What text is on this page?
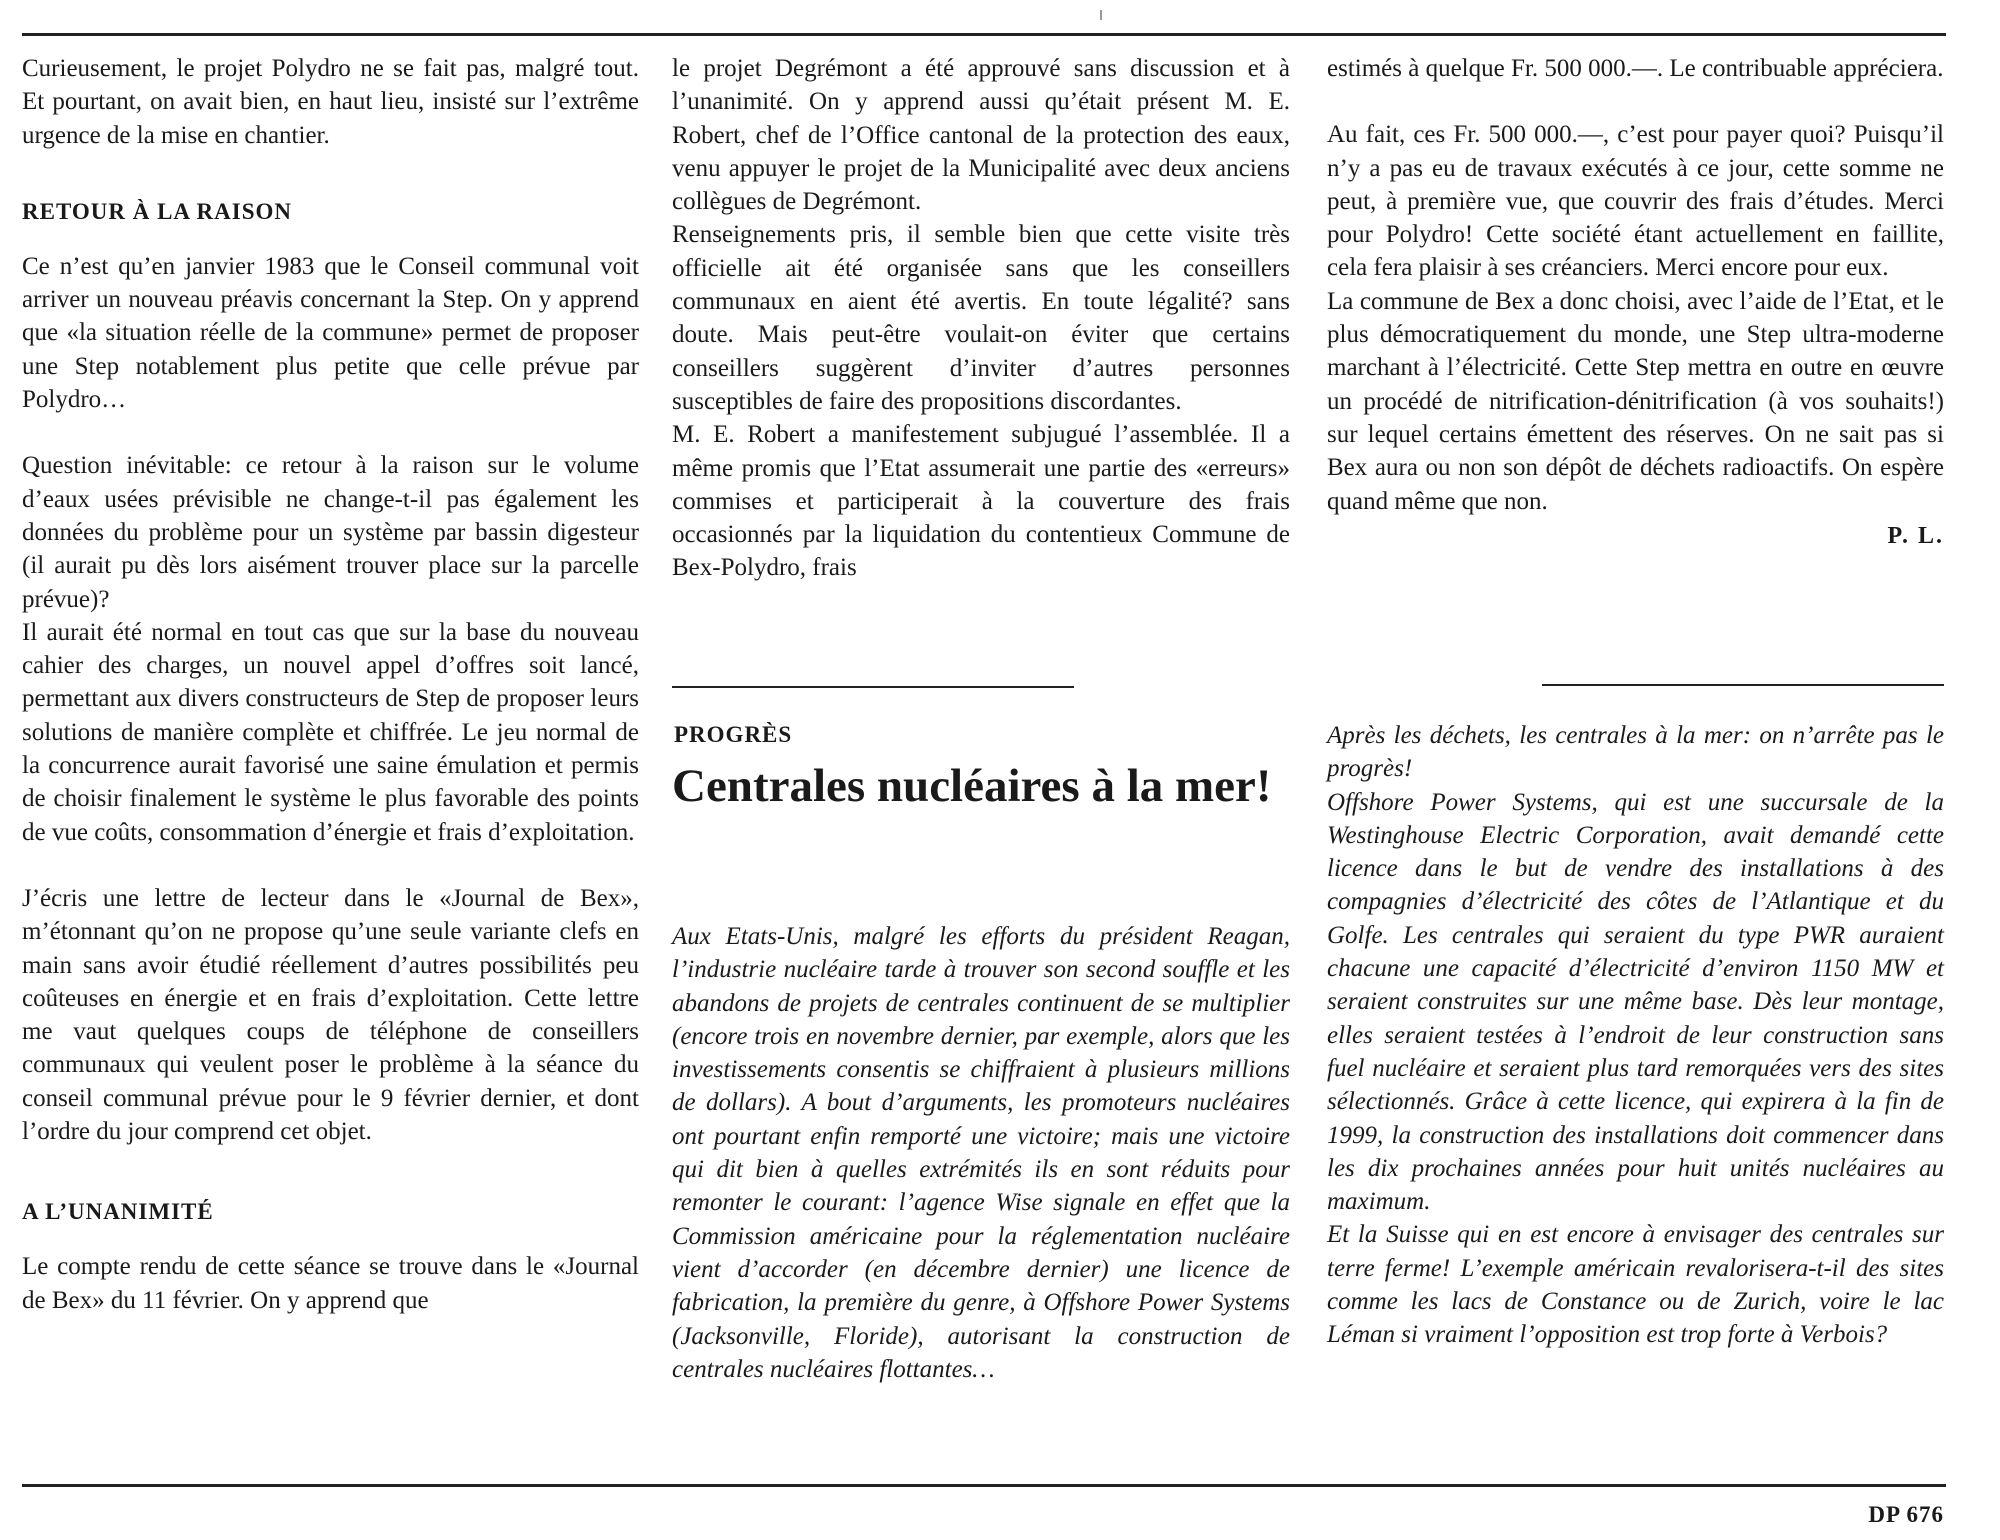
Curieusement, le projet Polydro ne se fait pas, malgré tout. Et pourtant, on avait bien, en haut lieu, insisté sur l’extrême urgence de la mise en chantier.

RETOUR À LA RAISON

Ce n’est qu’en janvier 1983 que le Conseil communal voit arriver un nouveau préavis concernant la Step. On y apprend que «la situation réelle de la commune» permet de proposer une Step notablement plus petite que celle prévue par Polydro…

Question inévitable: ce retour à la raison sur le volume d’eaux usées prévisible ne change-t-il pas également les données du problème pour un système par bassin digesteur (il aurait pu dès lors aisément trouver place sur la parcelle prévue)?

Il aurait été normal en tout cas que sur la base du nouveau cahier des charges, un nouvel appel d’offres soit lancé, permettant aux divers constructeurs de Step de proposer leurs solutions de manière complète et chiffrée. Le jeu normal de la concurrence aurait favorisé une saine émulation et permis de choisir finalement le système le plus favorable des points de vue coûts, consommation d’énergie et frais d’exploitation.

J’écris une lettre de lecteur dans le «Journal de Bex», m’étonnant qu’on ne propose qu’une seule variante clefs en main sans avoir étudié réellement d’autres possibilités peu coûteuses en énergie et en frais d’exploitation. Cette lettre me vaut quelques coups de téléphone de conseillers communaux qui veulent poser le problème à la séance du conseil communal prévue pour le 9 février dernier, et dont l’ordre du jour comprend cet objet.

A L’UNANIMITÉ

Le compte rendu de cette séance se trouve dans le «Journal de Bex» du 11 février. On y apprend que

le projet Degrémont a été approuvé sans discussion et à l’unanimité. On y apprend aussi qu’était présent M. E. Robert, chef de l’Office cantonal de la protection des eaux, venu appuyer le projet de la Municipalité avec deux anciens collègues de Degrémont.

Renseignements pris, il semble bien que cette visite très officielle ait été organisée sans que les conseillers communaux en aient été avertis. En toute légalité? sans doute. Mais peut-être voulait-on éviter que certains conseillers suggèrent d’inviter d’autres personnes susceptibles de faire des propositions discordantes.

M. E. Robert a manifestement subjugué l’assemblée. Il a même promis que l’Etat assumerait une partie des «erreurs» commises et participerait à la couverture des frais occasionnés par la liquidation du contentieux Commune de Bex-Polydro, frais

PROGRÈS
Centrales nucléaires à la mer!

Aux Etats-Unis, malgré les efforts du président Reagan, l’industrie nucléaire tarde à trouver son second souffle et les abandons de projets de centrales continuent de se multiplier (encore trois en novembre dernier, par exemple, alors que les investissements consentis se chiffraient à plusieurs millions de dollars). A bout d’arguments, les promoteurs nucléaires ont pourtant enfin remporté une victoire; mais une victoire qui dit bien à quelles extrémités ils en sont réduits pour remonter le courant: l’agence Wise signale en effet que la Commission américaine pour la réglementation nucléaire vient d’accorder (en décembre dernier) une licence de fabrication, la première du genre, à Offshore Power Systems (Jacksonville, Floride), autorisant la construction de centrales nucléaires flottantes…

estimés à quelque Fr. 500 000.—. Le contribuable appréciera.

Au fait, ces Fr. 500 000.—, c’est pour payer quoi? Puisqu’il n’y a pas eu de travaux exécutés à ce jour, cette somme ne peut, à première vue, que couvrir des frais d’études. Merci pour Polydro! Cette société étant actuellement en faillite, cela fera plaisir à ses créanciers. Merci encore pour eux.

La commune de Bex a donc choisi, avec l’aide de l’Etat, et le plus démocratiquement du monde, une Step ultra-moderne marchant à l’électricité. Cette Step mettra en outre en œuvre un procédé de nitrification-dénitrification (à vos souhaits!) sur lequel certains émettent des réserves. On ne sait pas si Bex aura ou non son dépôt de déchets radioactifs. On espère quand même que non.

P. L.

Après les déchets, les centrales à la mer: on n’arrête pas le progrès!

Offshore Power Systems, qui est une succursale de la Westinghouse Electric Corporation, avait demandé cette licence dans le but de vendre des installations à des compagnies d’électricité des côtes de l’Atlantique et du Golfe. Les centrales qui seraient du type PWR auraient chacune une capacité d’électricité d’environ 1150 MW et seraient construites sur une même base. Dès leur montage, elles seraient testées à l’endroit de leur construction sans fuel nucléaire et seraient plus tard remorquées vers des sites sélectionnés. Grâce à cette licence, qui expirera à la fin de 1999, la construction des installations doit commencer dans les dix prochaines années pour huit unités nucléaires au maximum.

Et la Suisse qui en est encore à envisager des centrales sur terre ferme! L’exemple américain revalorisera-t-il des sites comme les lacs de Constance ou de Zurich, voire le lac Léman si vraiment l’opposition est trop forte à Verbois?

DP 676
